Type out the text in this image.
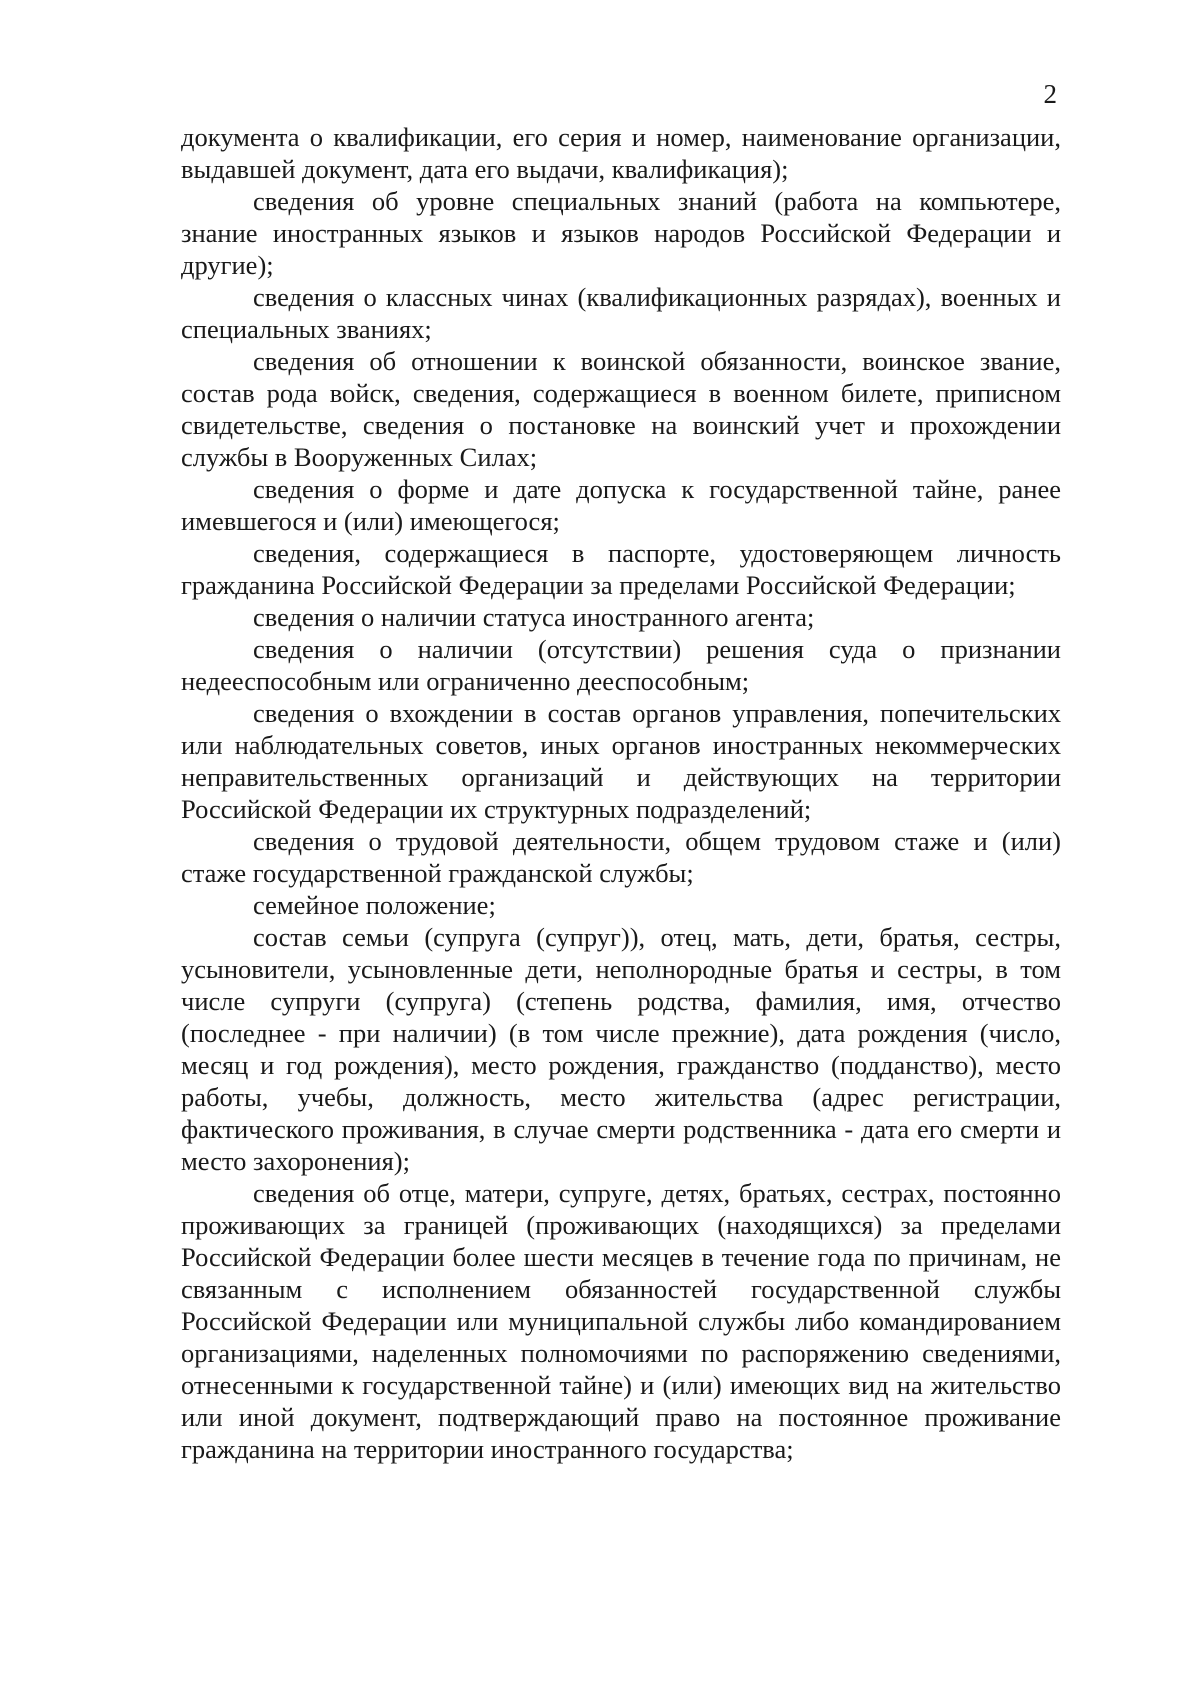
2

документа о квалификации, его серия и номер, наименование организации, выдавшей документ, дата его выдачи, квалификация);

сведения об уровне специальных знаний (работа на компьютере, знание иностранных языков и языков народов Российской Федерации и другие);

сведения о классных чинах (квалификационных разрядах), военных и специальных званиях;

сведения об отношении к воинской обязанности, воинское звание, состав рода войск, сведения, содержащиеся в военном билете, приписном свидетельстве, сведения о постановке на воинский учет и прохождении службы в Вооруженных Силах;

сведения о форме и дате допуска к государственной тайне, ранее имевшегося и (или) имеющегося;

сведения, содержащиеся в паспорте, удостоверяющем личность гражданина Российской Федерации за пределами Российской Федерации;

сведения о наличии статуса иностранного агента;

сведения о наличии (отсутствии) решения суда о признании недееспособным или ограниченно дееспособным;

сведения о вхождении в состав органов управления, попечительских или наблюдательных советов, иных органов иностранных некоммерческих неправительственных организаций и действующих на территории Российской Федерации их структурных подразделений;

сведения о трудовой деятельности, общем трудовом стаже и (или) стаже государственной гражданской службы;

семейное положение;

состав семьи (супруга (супруг)), отец, мать, дети, братья, сестры, усыновители, усыновленные дети, неполнородные братья и сестры, в том числе супруги (супруга) (степень родства, фамилия, имя, отчество (последнее - при наличии) (в том числе прежние), дата рождения (число, месяц и год рождения), место рождения, гражданство (подданство), место работы, учебы, должность, место жительства (адрес регистрации, фактического проживания, в случае смерти родственника - дата его смерти и место захоронения);

сведения об отце, матери, супруге, детях, братьях, сестрах, постоянно проживающих за границей (проживающих (находящихся) за пределами Российской Федерации более шести месяцев в течение года по причинам, не связанным с исполнением обязанностей государственной службы Российской Федерации или муниципальной службы либо командированием организациями, наделенных полномочиями по распоряжению сведениями, отнесенными к государственной тайне) и (или) имеющих вид на жительство или иной документ, подтверждающий право на постоянное проживание гражданина на территории иностранного государства;
